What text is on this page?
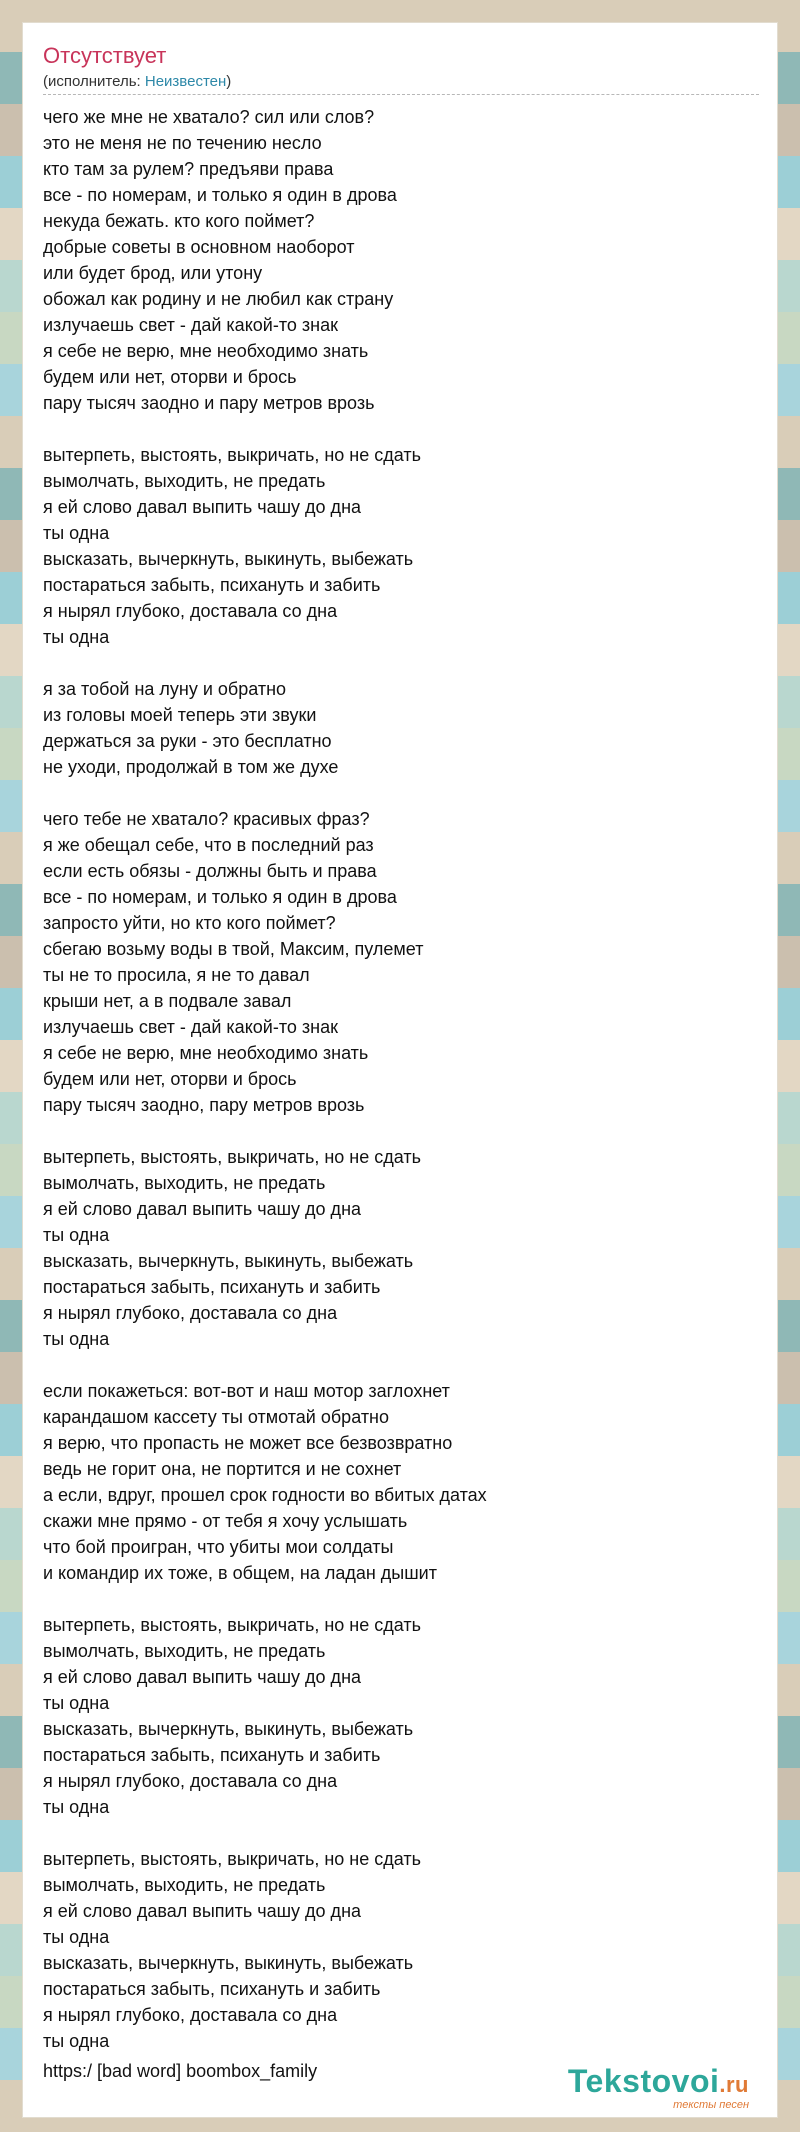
Отсутствует
(исполнитель: Неизвестен)
чего же мне не хватало? сил или слов?
это не меня не по течению несло
кто там за рулем? предъяви права
все - по номерам, и только я один в дрова
некуда бежать. кто кого поймет?
добрые советы в основном наоборот
или будет брод, или утону
обожал как родину и не любил как страну
излучаешь свет - дай какой-то знак
я себе не верю, мне необходимо знать
будем или нет, оторви и брось
пару тысяч заодно и пару метров врозь

вытерпеть, выстоять, выкричать, но не сдать
вымолчать, выходить, не предать
я ей слово давал выпить чашу до дна
ты одна
высказать, вычеркнуть, выкинуть, выбежать
постараться забыть, психануть и забить
я нырял глубоко, доставала со дна
ты одна

я за тобой на луну и обратно
из головы моей теперь эти звуки
держаться за руки - это бесплатно
не уходи, продолжай в том же духе

чего тебе не хватало? красивых фраз?
я же обещал себе, что в последний раз
если есть обязы - должны быть и права
все - по номерам, и только я один в дрова
запросто уйти, но кто кого поймет?
сбегаю возьму воды в твой, Максим, пулемет
ты не то просила, я не то давал
крыши нет, а в подвале завал
излучаешь свет - дай какой-то знак
я себе не верю, мне необходимо знать
будем или нет, оторви и брось
пару тысяч заодно, пару метров врозь

вытерпеть, выстоять, выкричать, но не сдать
вымолчать, выходить, не предать
я ей слово давал выпить чашу до дна
ты одна
высказать, вычеркнуть, выкинуть, выбежать
постараться забыть, психануть и забить
я нырял глубоко, доставала со дна
ты одна

если покажеться: вот-вот и наш мотор заглохнет
карандашом кассету ты отмотай обратно
я верю, что пропасть не может все безвозвратно
ведь не горит она, не портится и не сохнет
а если, вдруг, прошел срок годности во вбитых датах
скажи мне прямо - от тебя я хочу услышать
что бой проигран, что убиты мои солдаты
и командир их тоже, в общем, на ладан дышит

вытерпеть, выстоять, выкричать, но не сдать
вымолчать, выходить, не предать
я ей слово давал выпить чашу до дна
ты одна
высказать, вычеркнуть, выкинуть, выбежать
постараться забыть, психануть и забить
я нырял глубоко, доставала со дна
ты одна

вытерпеть, выстоять, выкричать, но не сдать
вымолчать, выходить, не предать
я ей слово давал выпить чашу до дна
ты одна
высказать, вычеркнуть, выкинуть, выбежать
постараться забыть, психануть и забить
я нырял глубоко, доставала со дна
ты одна
https:/ [bad word] boombox_family	Tekstovoi.ru
тексты песен
